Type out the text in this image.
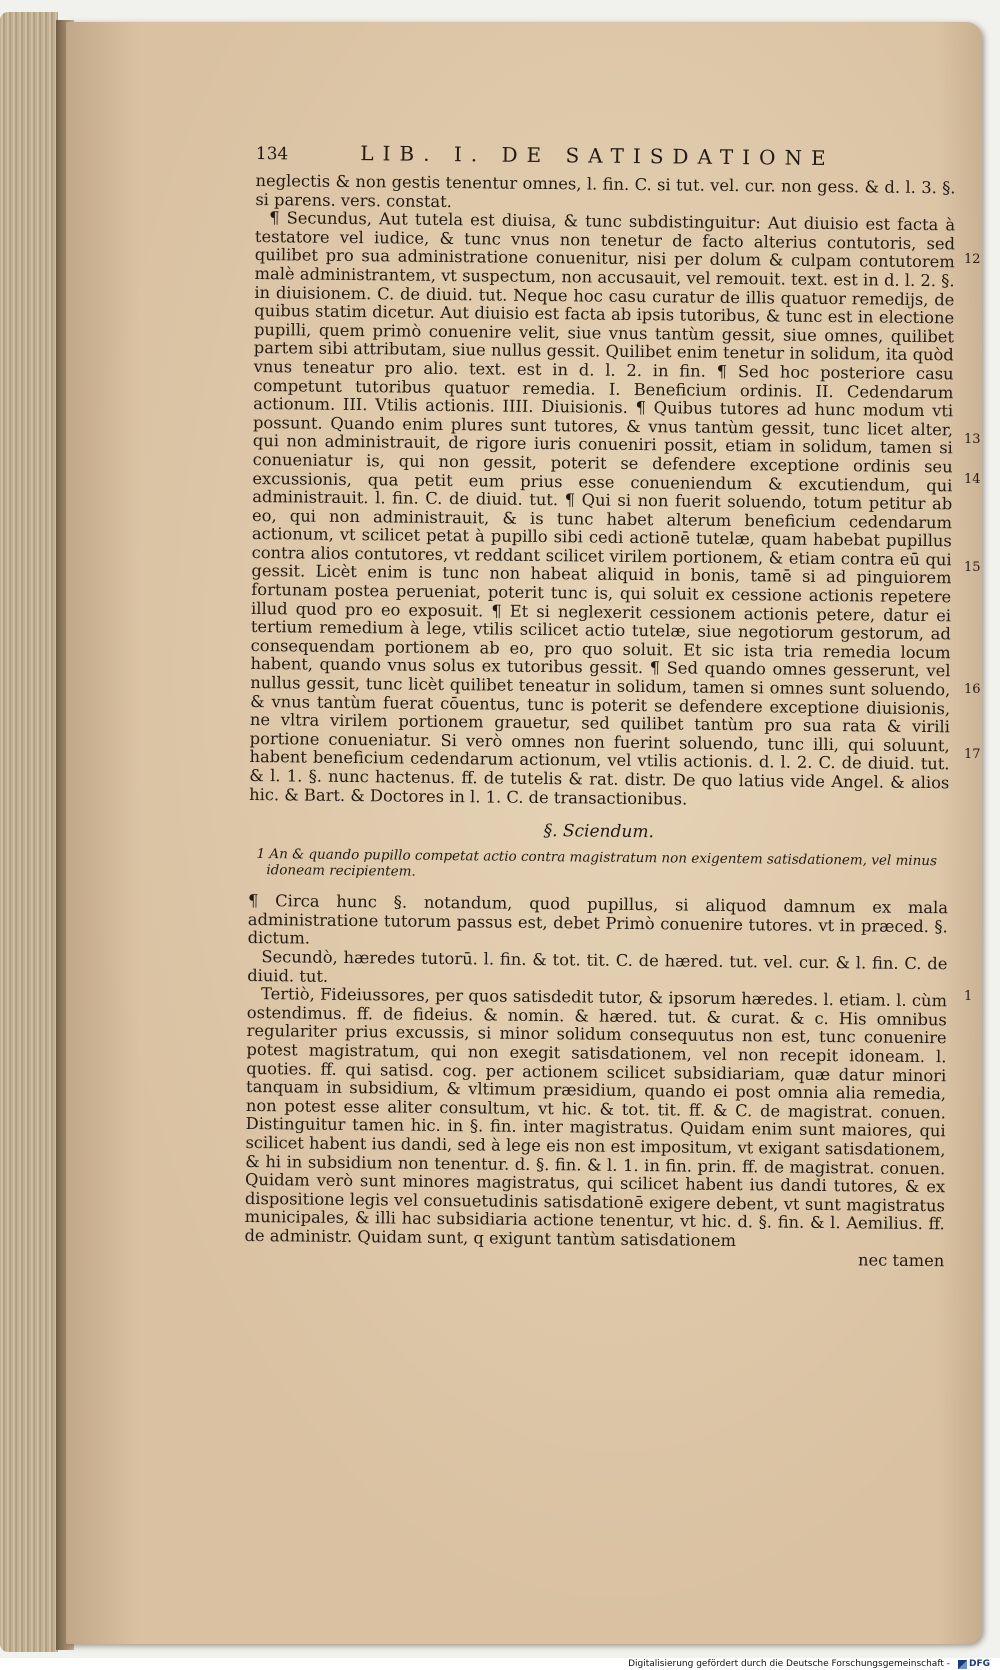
134	LIB. I. DE SATISDATIONE

neglectis & non gestis tenentur omnes, l. fin. C. si tut. vel. cur. non gess. & d. l. 3. §. si parens. vers. constat.

¶ Secundus, Aut tutela est diuisa, & tunc subdistinguitur: Aut diuisio est facta à testatore vel iudice, & tunc vnus non tenetur de facto alterius contutoris, sed quilibet pro sua administratione conuenitur, nisi per dolum & culpam contutorem malè administrantem, vt suspectum, non accusauit, vel remouit. text. est in d. l. 2. §. in diuisionem. C. de diuid. tut. Neque hoc casu curatur de illis quatuor remedijs, de quibus statim dicetur. Aut diuisio est facta ab ipsis tutoribus, & tunc est in electione pupilli, quem primò conuenire velit, siue vnus tantùm gessit, siue omnes, quilibet partem sibi attributam, siue nullus gessit. Quilibet enim tenetur in solidum, ita quòd vnus teneatur pro alio. text. est in d. l. 2. in fin. ¶ Sed hoc posteriore casu competunt tutoribus quatuor remedia. I. Beneficium ordinis. II. Cedendarum actionum. III. Vtilis actionis. IIII. Diuisionis. ¶ Quibus tutores ad hunc modum vti possunt. Quando enim plures sunt tutores, & vnus tantùm gessit, tunc licet alter, qui non administrauit, de rigore iuris conueniri possit, etiam in solidum, tamen si conueniatur is, qui non gessit, poterit se defendere exceptione ordinis seu excussionis, qua petit eum prius esse conueniendum & excutiendum, qui administrauit. l. fin. C. de diuid. tut. ¶ Qui si non fuerit soluendo, totum petitur ab eo, qui non administrauit, & is tunc habet alterum beneficium cedendarum actionum, vt scilicet petat à pupillo sibi cedi actionē tutelæ, quam habebat pupillus contra alios contutores, vt reddant scilicet virilem portionem, & etiam contra eū qui gessit. Licèt enim is tunc non habeat aliquid in bonis, tamē si ad pinguiorem fortunam postea perueniat, poterit tunc is, qui soluit ex cessione actionis repetere illud quod pro eo exposuit. ¶ Et si neglexerit cessionem actionis petere, datur ei tertium remedium à lege, vtilis scilicet actio tutelæ, siue negotiorum gestorum, ad consequendam portionem ab eo, pro quo soluit. Et sic ista tria remedia locum habent, quando vnus solus ex tutoribus gessit. ¶ Sed quando omnes gesserunt, vel nullus gessit, tunc licèt quilibet teneatur in solidum, tamen si omnes sunt soluendo, & vnus tantùm fuerat cōuentus, tunc is poterit se defendere exceptione diuisionis, ne vltra virilem portionem grauetur, sed quilibet tantùm pro sua rata & virili portione conueniatur. Si verò omnes non fuerint soluendo, tunc illi, qui soluunt, habent beneficium cedendarum actionum, vel vtilis actionis. d. l. 2. C. de diuid. tut. & l. 1. §. nunc hactenus. ff. de tutelis & rat. distr. De quo latius vide Angel. & alios hic. & Bart. & Doctores in l. 1. C. de transactionibus.

§. Sciendum.

1 An & quando pupillo competat actio contra magistratum non exigentem satisdationem, vel minus idoneam recipientem.

¶ Circa hunc §. notandum, quod pupillus, si aliquod damnum ex mala administratione tutorum passus est, debet Primò conuenire tutores. vt in præced. §. dictum.

Secundò, hæredes tutorū. l. fin. & tot. tit. C. de hæred. tut. vel. cur. & l. fin. C. de diuid. tut.

Tertiò, Fideiussores, per quos satisdedit tutor, & ipsorum hæredes. l. etiam. l. cùm ostendimus. ff. de fideius. & nomin. & hæred. tut. & curat. & c. His omnibus regulariter prius excussis, si minor solidum consequutus non est, tunc conuenire potest magistratum, qui non exegit satisdationem, vel non recepit idoneam. l. quoties. ff. qui satisd. cog. per actionem scilicet subsidiariam, quæ datur minori tanquam in subsidium, & vltimum præsidium, quando ei post omnia alia remedia, non potest esse aliter consultum, vt hic. & tot. tit. ff. & C. de magistrat. conuen. Distinguitur tamen hic. in §. fin. inter magistratus. Quidam enim sunt maiores, qui scilicet habent ius dandi, sed à lege eis non est impositum, vt exigant satisdationem, & hi in subsidium non tenentur. d. §. fin. & l. 1. in fin. prin. ff. de magistrat. conuen. Quidam verò sunt minores magistratus, qui scilicet habent ius dandi tutores, & ex dispositione legis vel consuetudinis satisdationē exigere debent, vt sunt magistratus municipales, & illi hac subsidiaria actione tenentur, vt hic. d. §. fin. & l. Aemilius. ff. de administr. Quidam sunt, q exigunt tantùm satisdationem

nec tamen

12
13
14
15
16
17
1
Digitalisierung gefördert durch die Deutsche Forschungsgemeinschaft - DFG
